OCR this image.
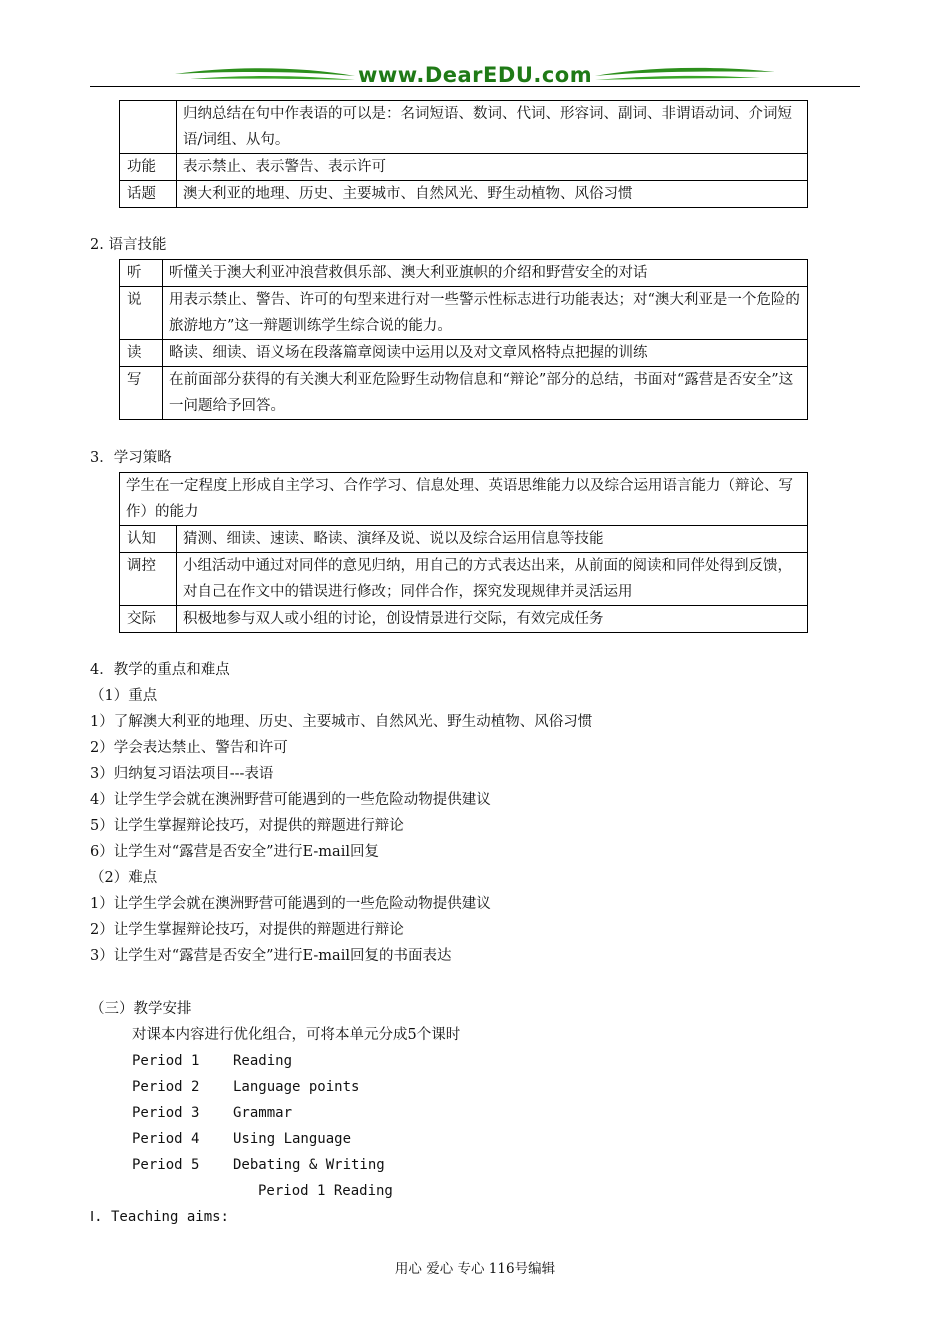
www.DearEDU.com
	归纳总结在句中作表语的可以是：名词短语、数词、代词、形容词、副词、非谓语动词、介词短语/词组、从句。
功能	表示禁止、表示警告、表示许可
话题	澳大利亚的地理、历史、主要城市、自然风光、野生动植物、风俗习惯
2. 语言技能
听	听懂关于澳大利亚冲浪营救俱乐部、澳大利亚旗帜的介绍和野营安全的对话
说	用表示禁止、警告、许可的句型来进行对一些警示性标志进行功能表达；对“澳大利亚是一个危险的旅游地方”这一辩题训练学生综合说的能力。
读	略读、细读、语义场在段落篇章阅读中运用以及对文章风格特点把握的训练
写	在前面部分获得的有关澳大利亚危险野生动物信息和“辩论”部分的总结，书面对“露营是否安全”这一问题给予回答。
3．学习策略
学生在一定程度上形成自主学习、合作学习、信息处理、英语思维能力以及综合运用语言能力（辩论、写作）的能力	
认知	猜测、细读、速读、略读、演绎及说、说以及综合运用信息等技能
调控	小组活动中通过对同伴的意见归纳，用自己的方式表达出来，从前面的阅读和同伴处得到反馈，对自己在作文中的错误进行修改；同伴合作，探究发现规律并灵活运用
交际	积极地参与双人或小组的讨论，创设情景进行交际，有效完成任务
4．教学的重点和难点
（1）重点
1）了解澳大利亚的地理、历史、主要城市、自然风光、野生动植物、风俗习惯
2）学会表达禁止、警告和许可
3）归纳复习语法项目---表语
4）让学生学会就在澳洲野营可能遇到的一些危险动物提供建议
5）让学生掌握辩论技巧，对提供的辩题进行辩论
6）让学生对“露营是否安全”进行E-mail回复
（2）难点
1）让学生学会就在澳洲野营可能遇到的一些危险动物提供建议
2）让学生掌握辩论技巧，对提供的辩题进行辩论
3）让学生对“露营是否安全”进行E-mail回复的书面表达
（三）教学安排
对课本内容进行优化组合，可将本单元分成5个课时
Period 1 Reading
Period 2 Language points
Period 3 Grammar
Period 4 Using Language
Period 5 Debating & Writing
Period 1 Reading
Ⅰ. Teaching aims:
用心 爱心 专心 116号编辑
